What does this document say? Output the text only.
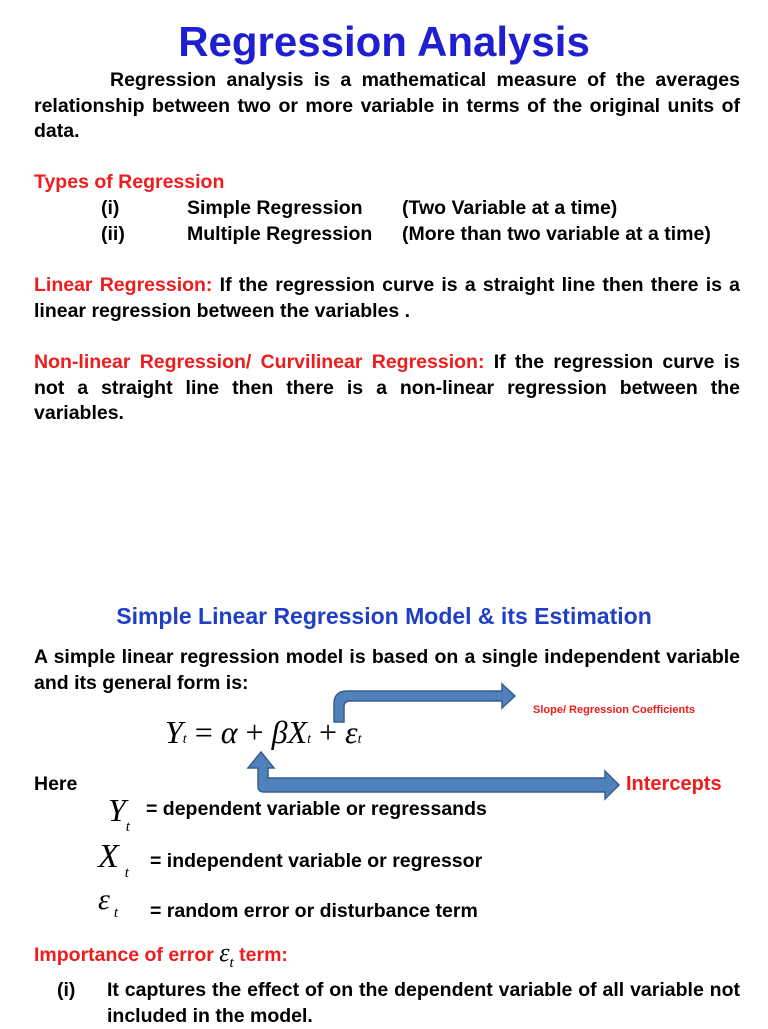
Regression Analysis
Regression analysis is a mathematical measure of the averages relationship between two or more variable in terms of the original units of data.
Types of Regression
(i)	Simple Regression (Two Variable at a time)
(ii)	Multiple Regression (More than two variable at a time)
Linear Regression: If the regression curve is a straight line then there is a linear regression between the variables .
Non-linear Regression/ Curvilinear Regression: If the regression curve is not a straight line then there is a non-linear regression between the variables.
Simple Linear Regression Model & its Estimation
A simple linear regression model is based on a single independent variable and its general form is:
Yt = α + βXt + εt
Slope/ Regression Coefficients
Intercepts
Here
$Y_t$
= dependent variable or regressands
X $_t$
= independent variable or regressor
ε $_t$ = random error or disturbance term
Importance of error $\varepsilon_t$ term:
(i) It captures the effect of on the dependent variable of all variable not included in the model.
